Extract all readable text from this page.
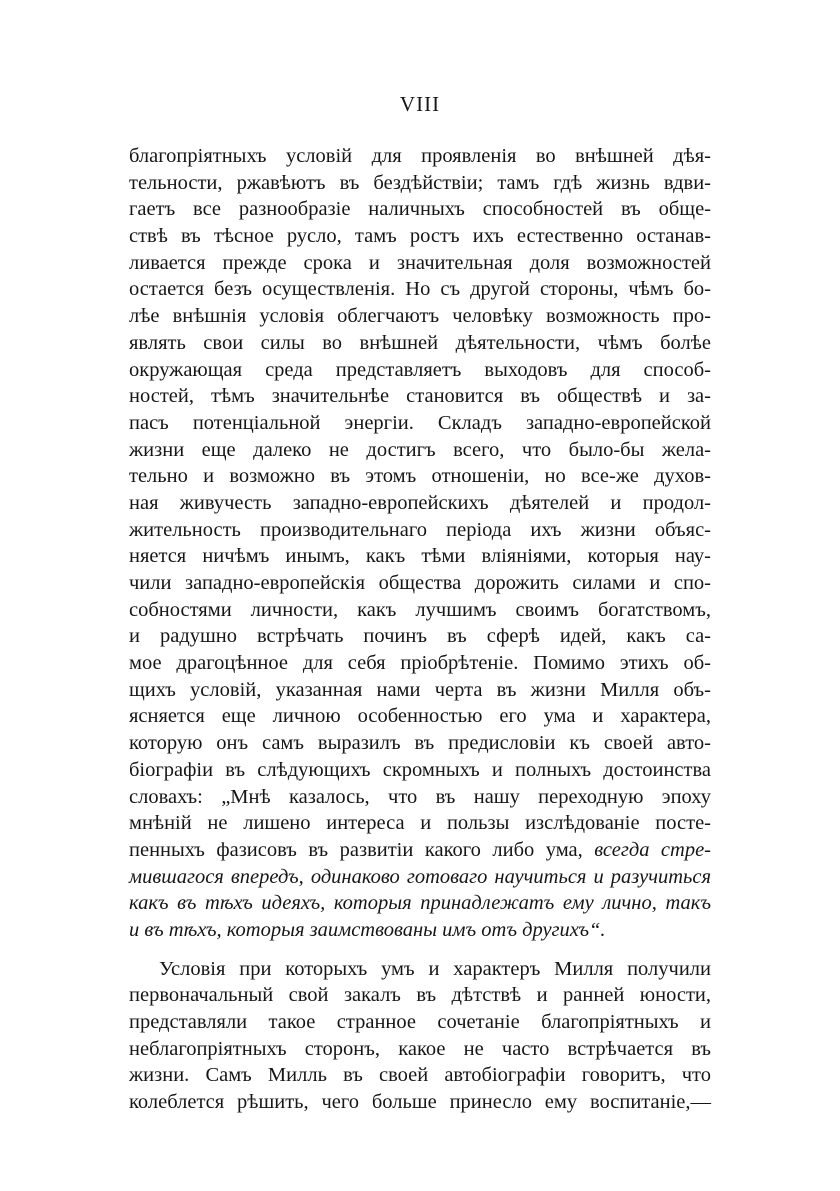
VIII
благопріятныхъ условій для проявленія во внѣшней дѣя-
тельности, ржавѣютъ въ бездѣйствіи; тамъ гдѣ жизнь вдви-
гаетъ все разнообразіе наличныхъ способностей въ обще-
ствѣ въ тѣсное русло, тамъ ростъ ихъ естественно останав-
ливается прежде срока и значительная доля возможностей
остается безъ осуществленія. Но съ другой стороны, чѣмъ бо-
лѣе внѣшнія условія облегчаютъ человѣку возможность про-
являть свои силы во внѣшней дѣятельности, чѣмъ болѣе
окружающая среда представляетъ выходовъ для способ-
ностей, тѣмъ значительнѣе становится въ обществѣ и за-
пасъ потенціальной энергіи. Складъ западно-европейской
жизни еще далеко не достигъ всего, что было-бы жела-
тельно и возможно въ этомъ отношеніи, но все-же духов-
ная живучесть западно-европейскихъ дѣятелей и продол-
жительность производительнаго періода ихъ жизни объяс-
няется ничѣмъ инымъ, какъ тѣми вліяніями, которыя нау-
чили западно-европейскія общества дорожить силами и спо-
собностями личности, какъ лучшимъ своимъ богатствомъ,
и радушно встрѣчать починъ въ сферѣ идей, какъ са-
мое драгоцѣнное для себя пріобрѣтеніе. Помимо этихъ об-
щихъ условій, указанная нами черта въ жизни Милля объ-
ясняется еще личною особенностью его ума и характера,
которую онъ самъ выразилъ въ предисловіи къ своей авто-
біографіи въ слѣдующихъ скромныхъ и полныхъ достоинства
словахъ: „Мнѣ казалось, что въ нашу переходную эпоху
мнѣній не лишено интереса и пользы изслѣдованіе посте-
пенныхъ фазисовъ въ развитіи какого либо ума, всегда стре-
мившагося впередъ, одинаково готоваго научиться и разучиться
какъ въ тѣхъ идеяхъ, которыя принадлежатъ ему лично, такъ
и въ тѣхъ, которыя заимствованы имъ отъ другихъ“.
Условія при которыхъ умъ и характеръ Милля получили
первоначальный свой закалъ въ дѣтствѣ и ранней юности,
представляли такое странное сочетаніе благопріятныхъ и
неблагопріятныхъ сторонъ, какое не часто встрѣчается въ
жизни. Самъ Милль въ своей автобіографіи говоритъ, что
колеблется рѣшить, чего больше принесло ему воспитаніе,—
